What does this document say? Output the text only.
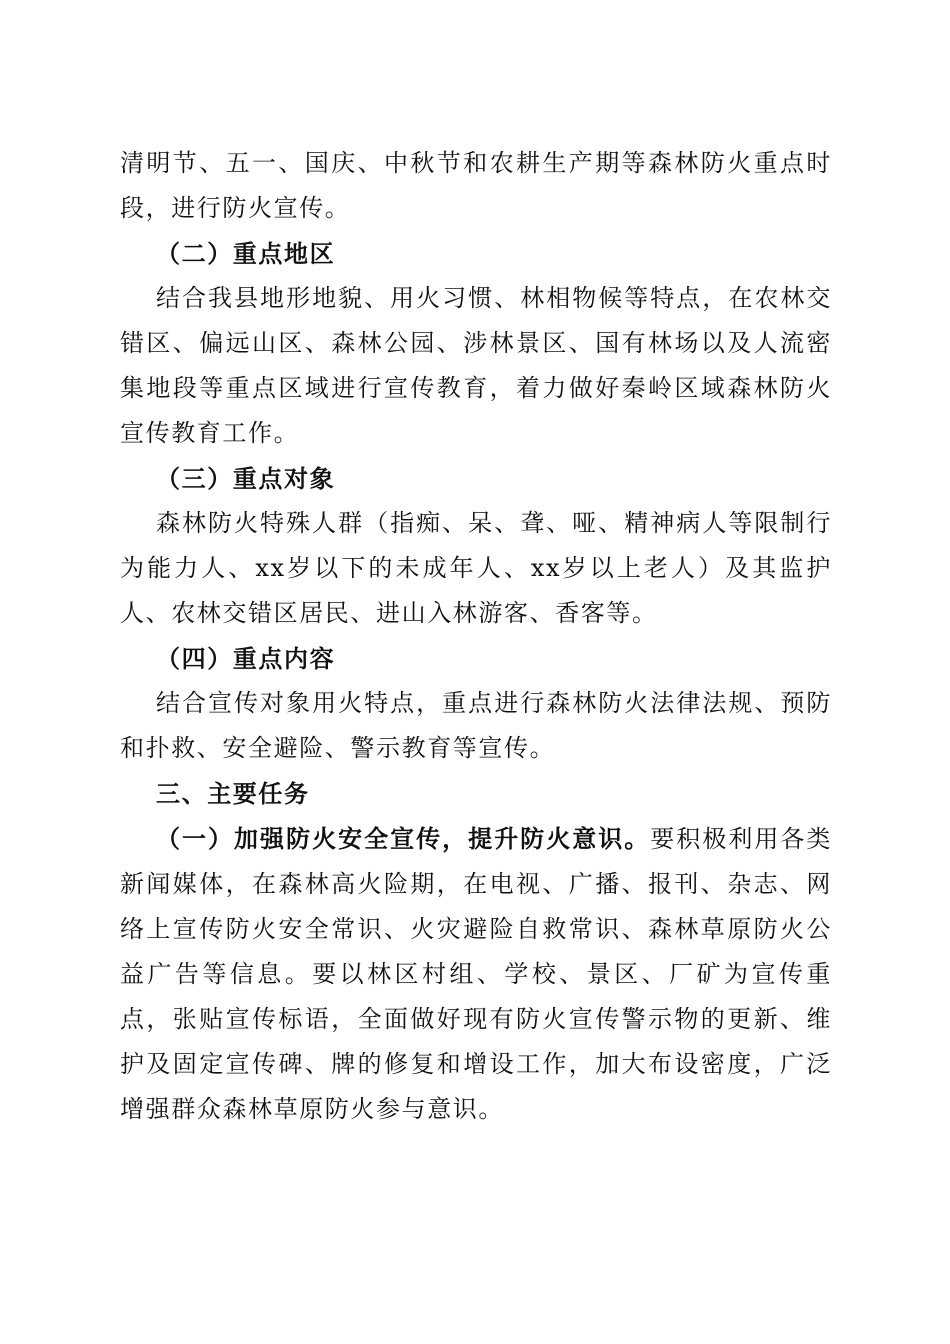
清明节、五一、国庆、中秋节和农耕生产期等森林防火重点时段，进行防火宣传。

（二）重点地区

结合我县地形地貌、用火习惯、林相物候等特点，在农林交错区、偏远山区、森林公园、涉林景区、国有林场以及人流密集地段等重点区域进行宣传教育，着力做好秦岭区域森林防火宣传教育工作。

（三）重点对象

森林防火特殊人群（指痴、呆、聋、哑、精神病人等限制行为能力人、xx岁以下的未成年人、xx岁以上老人）及其监护人、农林交错区居民、进山入林游客、香客等。

（四）重点内容

结合宣传对象用火特点，重点进行森林防火法律法规、预防和扑救、安全避险、警示教育等宣传。

三、主要任务

（一）加强防火安全宣传，提升防火意识。要积极利用各类新闻媒体，在森林高火险期，在电视、广播、报刊、杂志、网络上宣传防火安全常识、火灾避险自救常识、森林草原防火公益广告等信息。要以林区村组、学校、景区、厂矿为宣传重点，张贴宣传标语，全面做好现有防火宣传警示物的更新、维护及固定宣传碑、牌的修复和增设工作，加大布设密度，广泛增强群众森林草原防火参与意识。
